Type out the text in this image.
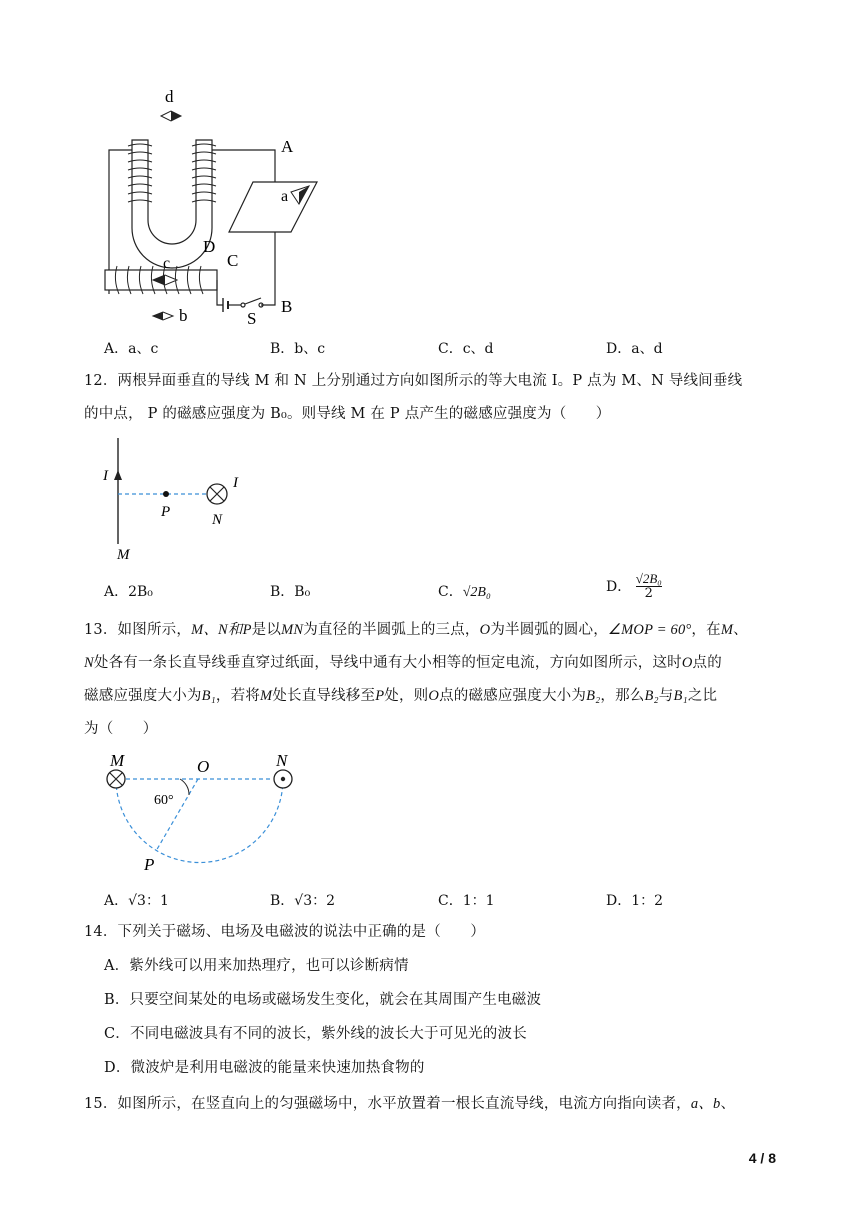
d
A
a
D
C
c
B
b	S
A．a、c	B．b、c	C．c、d	D．a、d
12．两根异面垂直的导线 M 和 N 上分别通过方向如图所示的等大电流 I。P 点为 M、N 导线间垂线
的中点， P 的磁感应强度为 B₀。则导线 M 在 P 点产生的磁感应强度为（　　）
I	I
P	N
M
A．2B₀	B．B₀	C．√2B₀	D． $\frac{\text{√2B₀}}{2}$
13．如图所示，M、N和P是以MN为直径的半圆弧上的三点，O为半圆弧的圆心，∠MOP = 60°，在M、
N处各有一条长直导线垂直穿过纸面，导线中通有大小相等的恒定电流，方向如图所示，这时O点的
磁感应强度大小为B₁，若将M处长直导线移至P处，则O点的磁感应强度大小为B₂，那么B₂与B₁之比
为（　　）
M	O	N
60°
P
A．√3：1	B．√3：2	C．1：1	D．1：2
14．下列关于磁场、电场及电磁波的说法中正确的是（　　）
A．紫外线可以用来加热理疗，也可以诊断病情
B．只要空间某处的电场或磁场发生变化，就会在其周围产生电磁波
C．不同电磁波具有不同的波长，紫外线的波长大于可见光的波长
D．微波炉是利用电磁波的能量来快速加热食物的
15．如图所示，在竖直向上的匀强磁场中，水平放置着一根长直流导线，电流方向指向读者，a、b、
4 / 8
